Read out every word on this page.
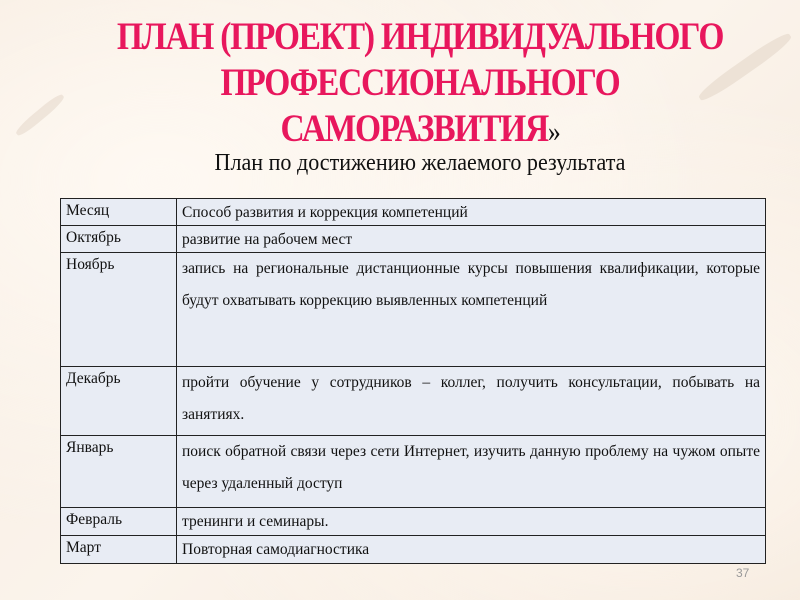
ПЛАН (ПРОЕКТ) ИНДИВИДУАЛЬНОГО
ПРОФЕССИОНАЛЬНОГО
САМОРАЗВИТИЯ»
План по достижению желаемого результата
Месяц	Способ развития и коррекция компетенций
Октябрь	развитие на рабочем мест
Ноябрь	запись на региональные дистанционные курсы повышения квалификации, которые будут охватывать коррекцию выявленных компетенций
Декабрь	пройти обучение у сотрудников – коллег, получить консультации, побывать на занятиях.
Январь	поиск обратной связи через сети Интернет, изучить данную проблему на чужом опыте через удаленный доступ
Февраль	тренинги и семинары.
Март	Повторная самодиагностика
37
